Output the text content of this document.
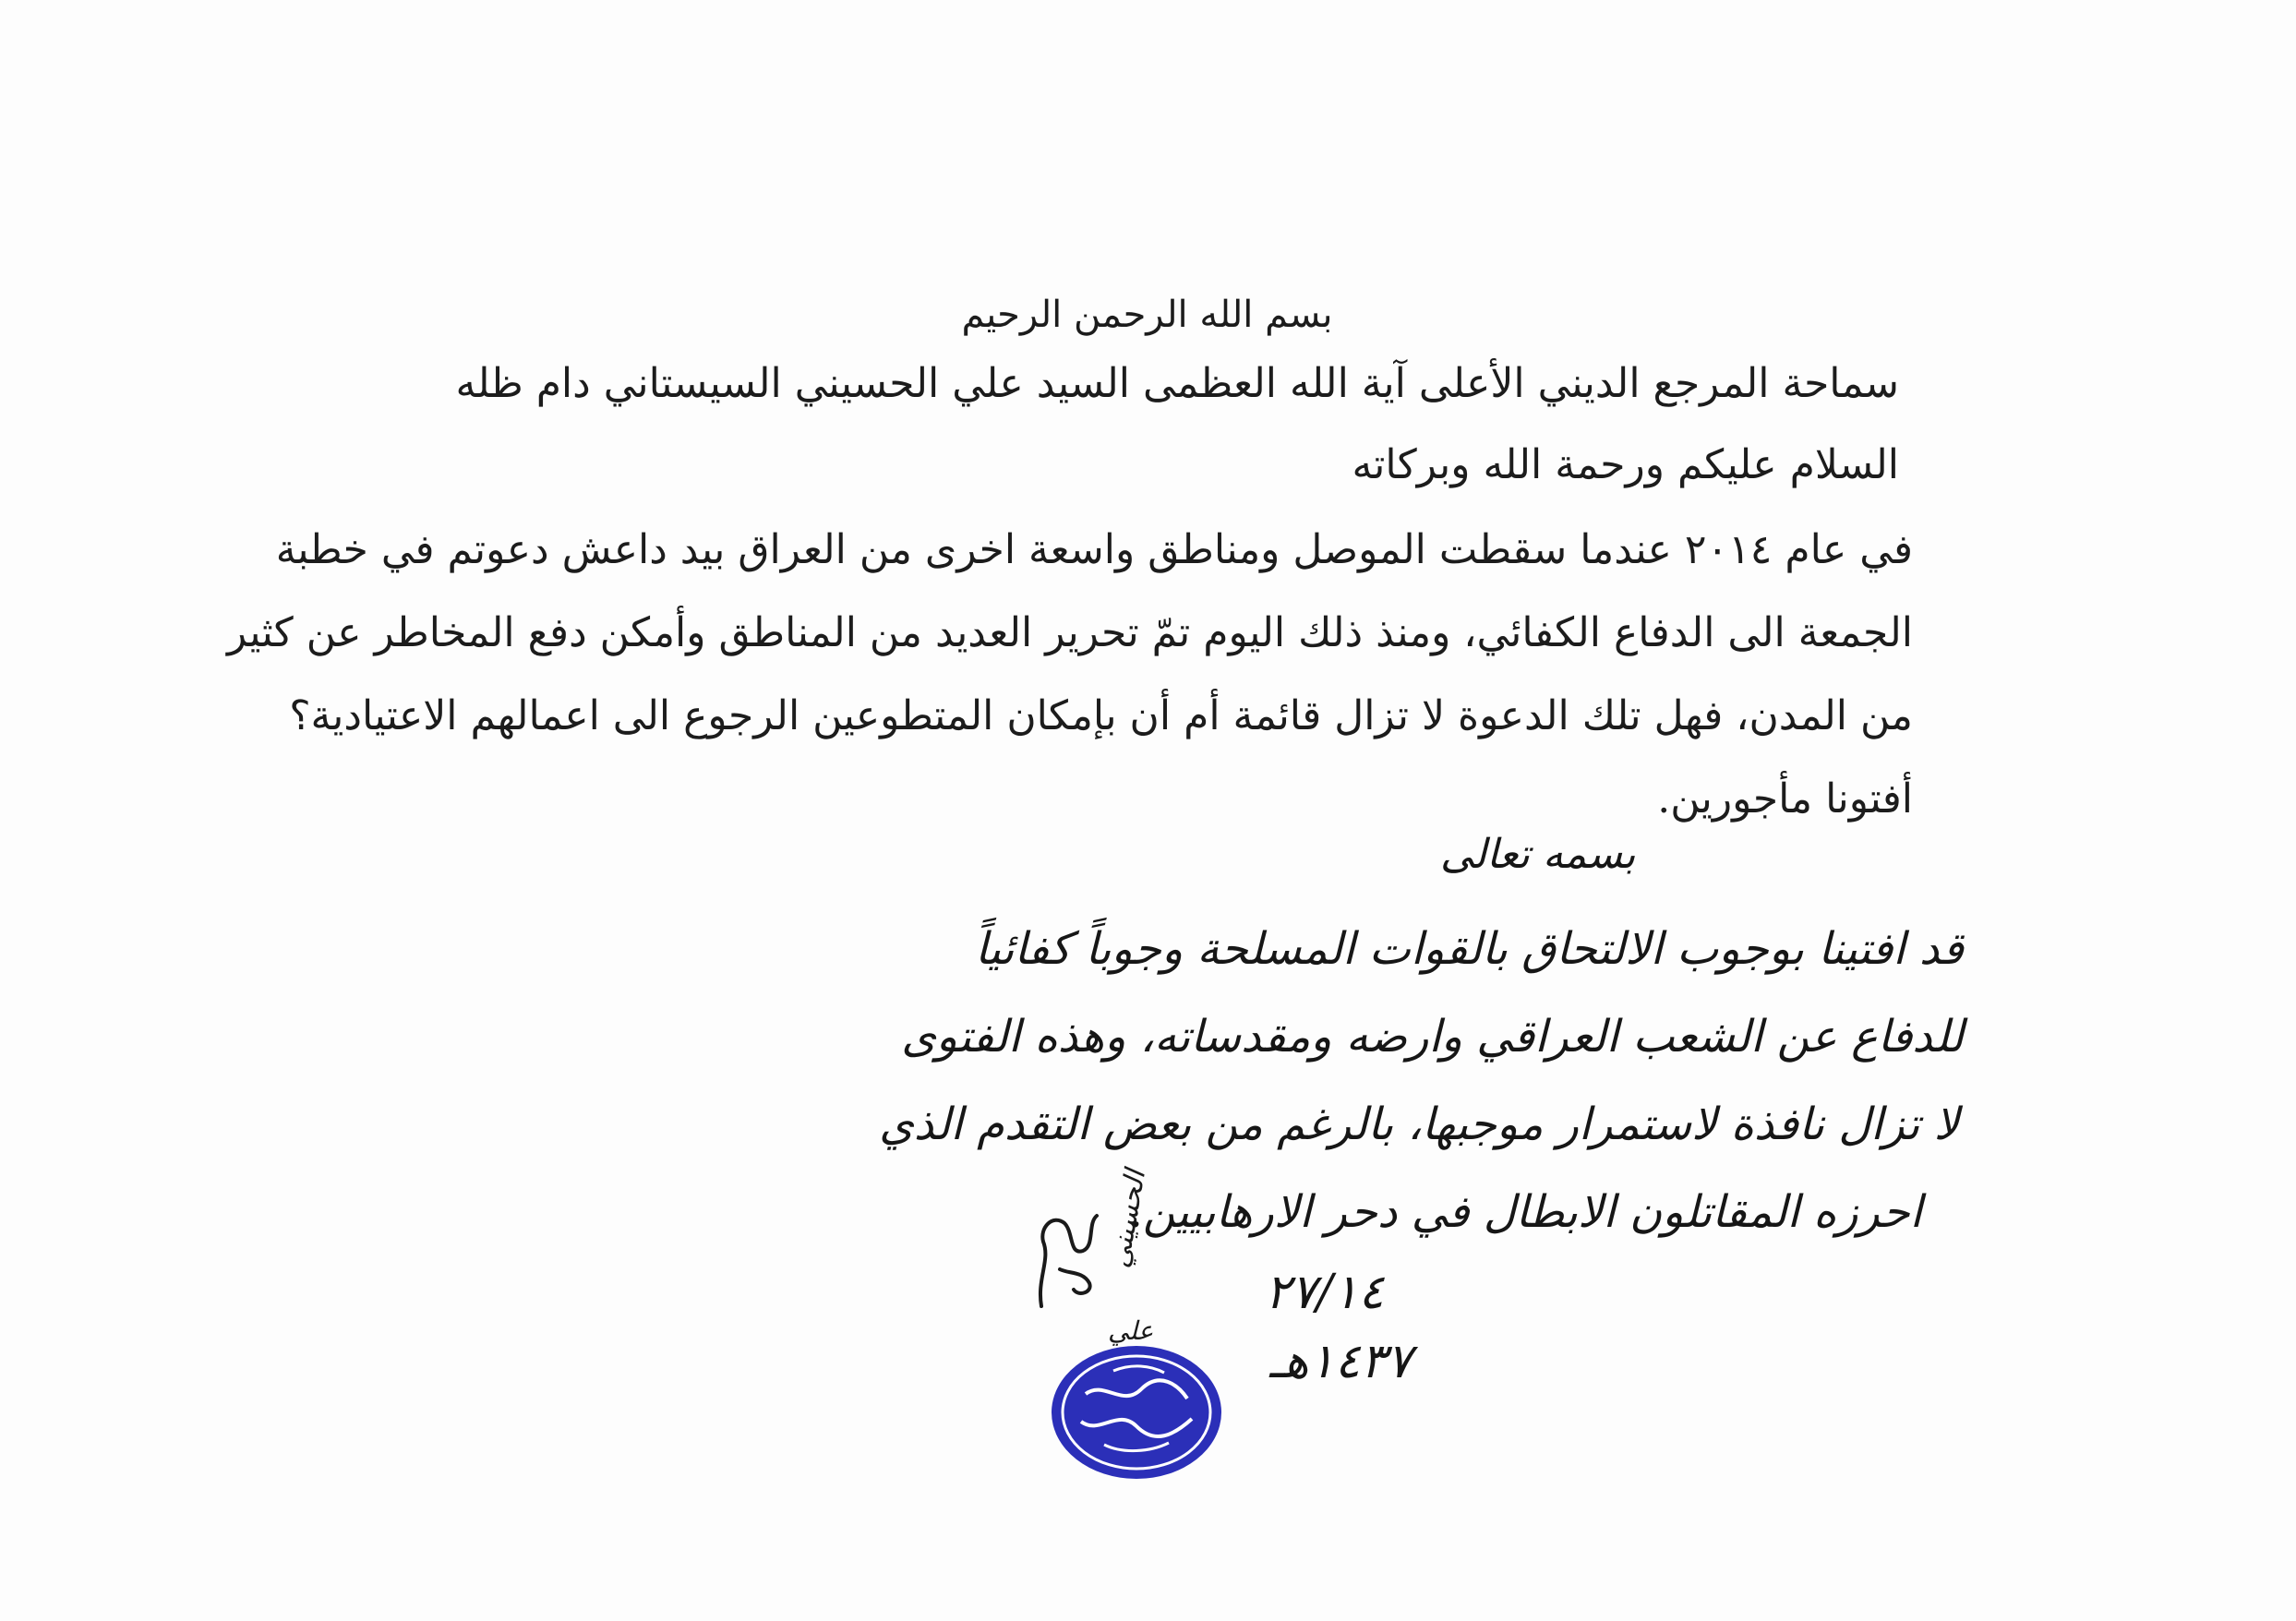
بسم الله الرحمن الرحيم
سماحة المرجع الديني الأعلى آية الله العظمى السيد علي الحسيني السيستاني دام ظله
السلام عليكم ورحمة الله وبركاته
في عام ٢٠١٤ عندما سقطت الموصل ومناطق واسعة اخرى من العراق بيد داعش دعوتم في خطبة
الجمعة الى الدفاع الكفائي، ومنذ ذلك اليوم تمّ تحرير العديد من المناطق وأمكن دفع المخاطر عن كثير
من المدن، فهل تلك الدعوة لا تزال قائمة أم أن بإمكان المتطوعين الرجوع الى اعمالهم الاعتيادية؟
أفتونا مأجورين.
بسمه تعالى
قد افتينا بوجوب الالتحاق بالقوات المسلحة وجوباً كفائياً
للدفاع عن الشعب العراقي وارضه ومقدساته، وهذه الفتوى
لا تزال نافذة لاستمرار موجبها، بالرغم من بعض التقدم الذي
احرزه المقاتلون الابطال في دحر الارهابيين.
٢٧/١٤
١٤٣٧هـ
الحسيني
علي
